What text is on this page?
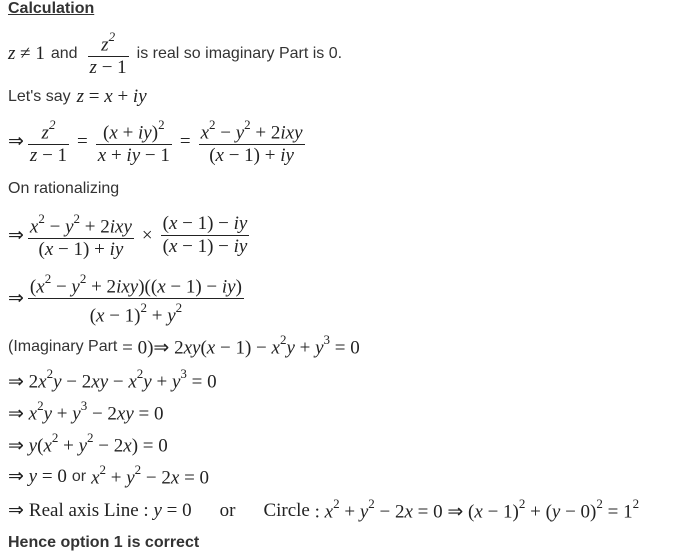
Calculation
z ≠ 1 and $\frac{z^2}{z - 1}$ is real so imaginary Part is 0.
Let's say z = x + iy
⇒ $\frac{z^2}{z - 1} = \frac{(x + iy)^2}{x + iy - 1} = \frac{x^2 - y^2 + 2ixy}{(x - 1) + iy}$
On rationalizing
⇒ $\frac{x^2 - y^2 + 2ixy}{(x - 1) + iy} \times \frac{(x - 1) - iy}{(x - 1) - iy}$
⇒ $\frac{(x^2 - y^2 + 2ixy)((x - 1) - iy)}{(x - 1)^2 + y^2}$
(Imaginary Part = 0)⇒ $2xy(x - 1) - x^2y + y^3 = 0$
⇒ $2x^2y - 2xy - x^2y + y^3 = 0$
⇒ $x^2y + y^3 - 2xy = 0$
⇒ $y(x^2 + y^2 - 2x) = 0$
⇒ y = 0 or $x^2 + y^2 - 2x = 0$
⇒ Real axis Line : y = 0 or Circle : $x^2 + y^2 - 2x = 0$ ⇒ $(x - 1)^2 + (y - 0)^2 = 1^2$
Hence option 1 is correct
